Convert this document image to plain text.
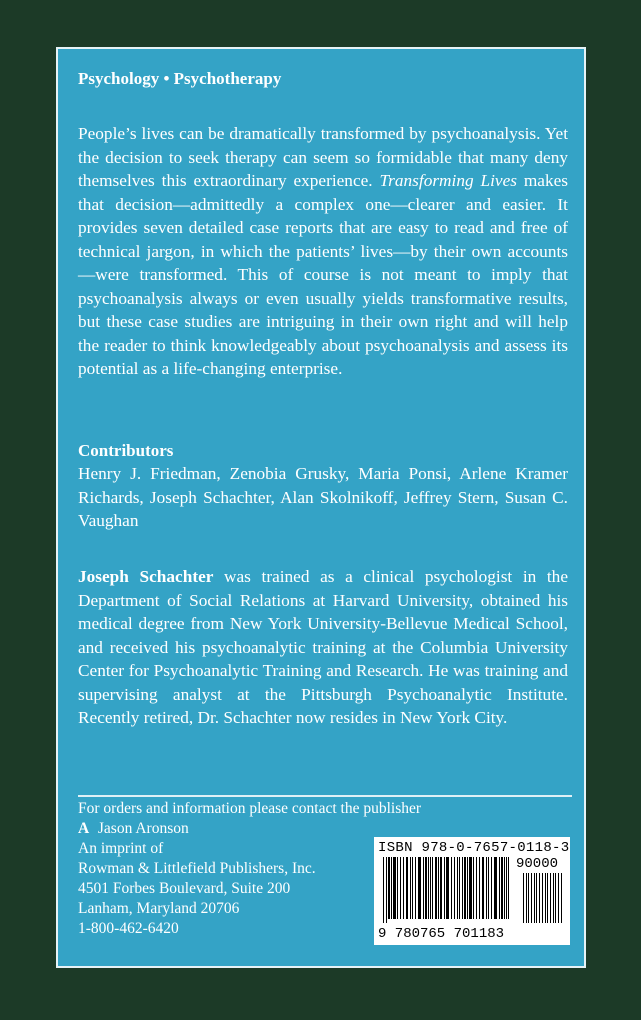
Psychology • Psychotherapy

People’s lives can be dramatically transformed by psychoanalysis. Yet the decision to seek therapy can seem so formidable that many deny themselves this extraordinary experience. Transforming Lives makes that decision—admittedly a complex one—clearer and easier. It provides seven detailed case reports that are easy to read and free of technical jargon, in which the patients’ lives—by their own accounts—were transformed. This of course is not meant to imply that psychoanalysis always or even usually yields transformative results, but these case studies are intriguing in their own right and will help the reader to think knowledgeably about psychoanalysis and assess its potential as a life-changing enterprise.

Contributors

Henry J. Friedman, Zenobia Grusky, Maria Ponsi, Arlene Kramer Richards, Joseph Schachter, Alan Skolnikoff, Jeffrey Stern, Susan C. Vaughan

Joseph Schachter was trained as a clinical psychologist in the Department of Social Relations at Harvard University, obtained his medical degree from New York University-Bellevue Medical School, and received his psychoanalytic training at the Columbia University Center for Psychoanalytic Training and Research. He was training and supervising analyst at the Pittsburgh Psychoanalytic Institute. Recently retired, Dr. Schachter now resides in New York City.

For orders and information please contact the publisher
A Jason Aronson
An imprint of
Rowman & Littlefield Publishers, Inc.
4501 Forbes Boulevard, Suite 200
Lanham, Maryland 20706
1-800-462-6420
ISBN 978-0-7657-0118-3
90000
9 780765 701183
